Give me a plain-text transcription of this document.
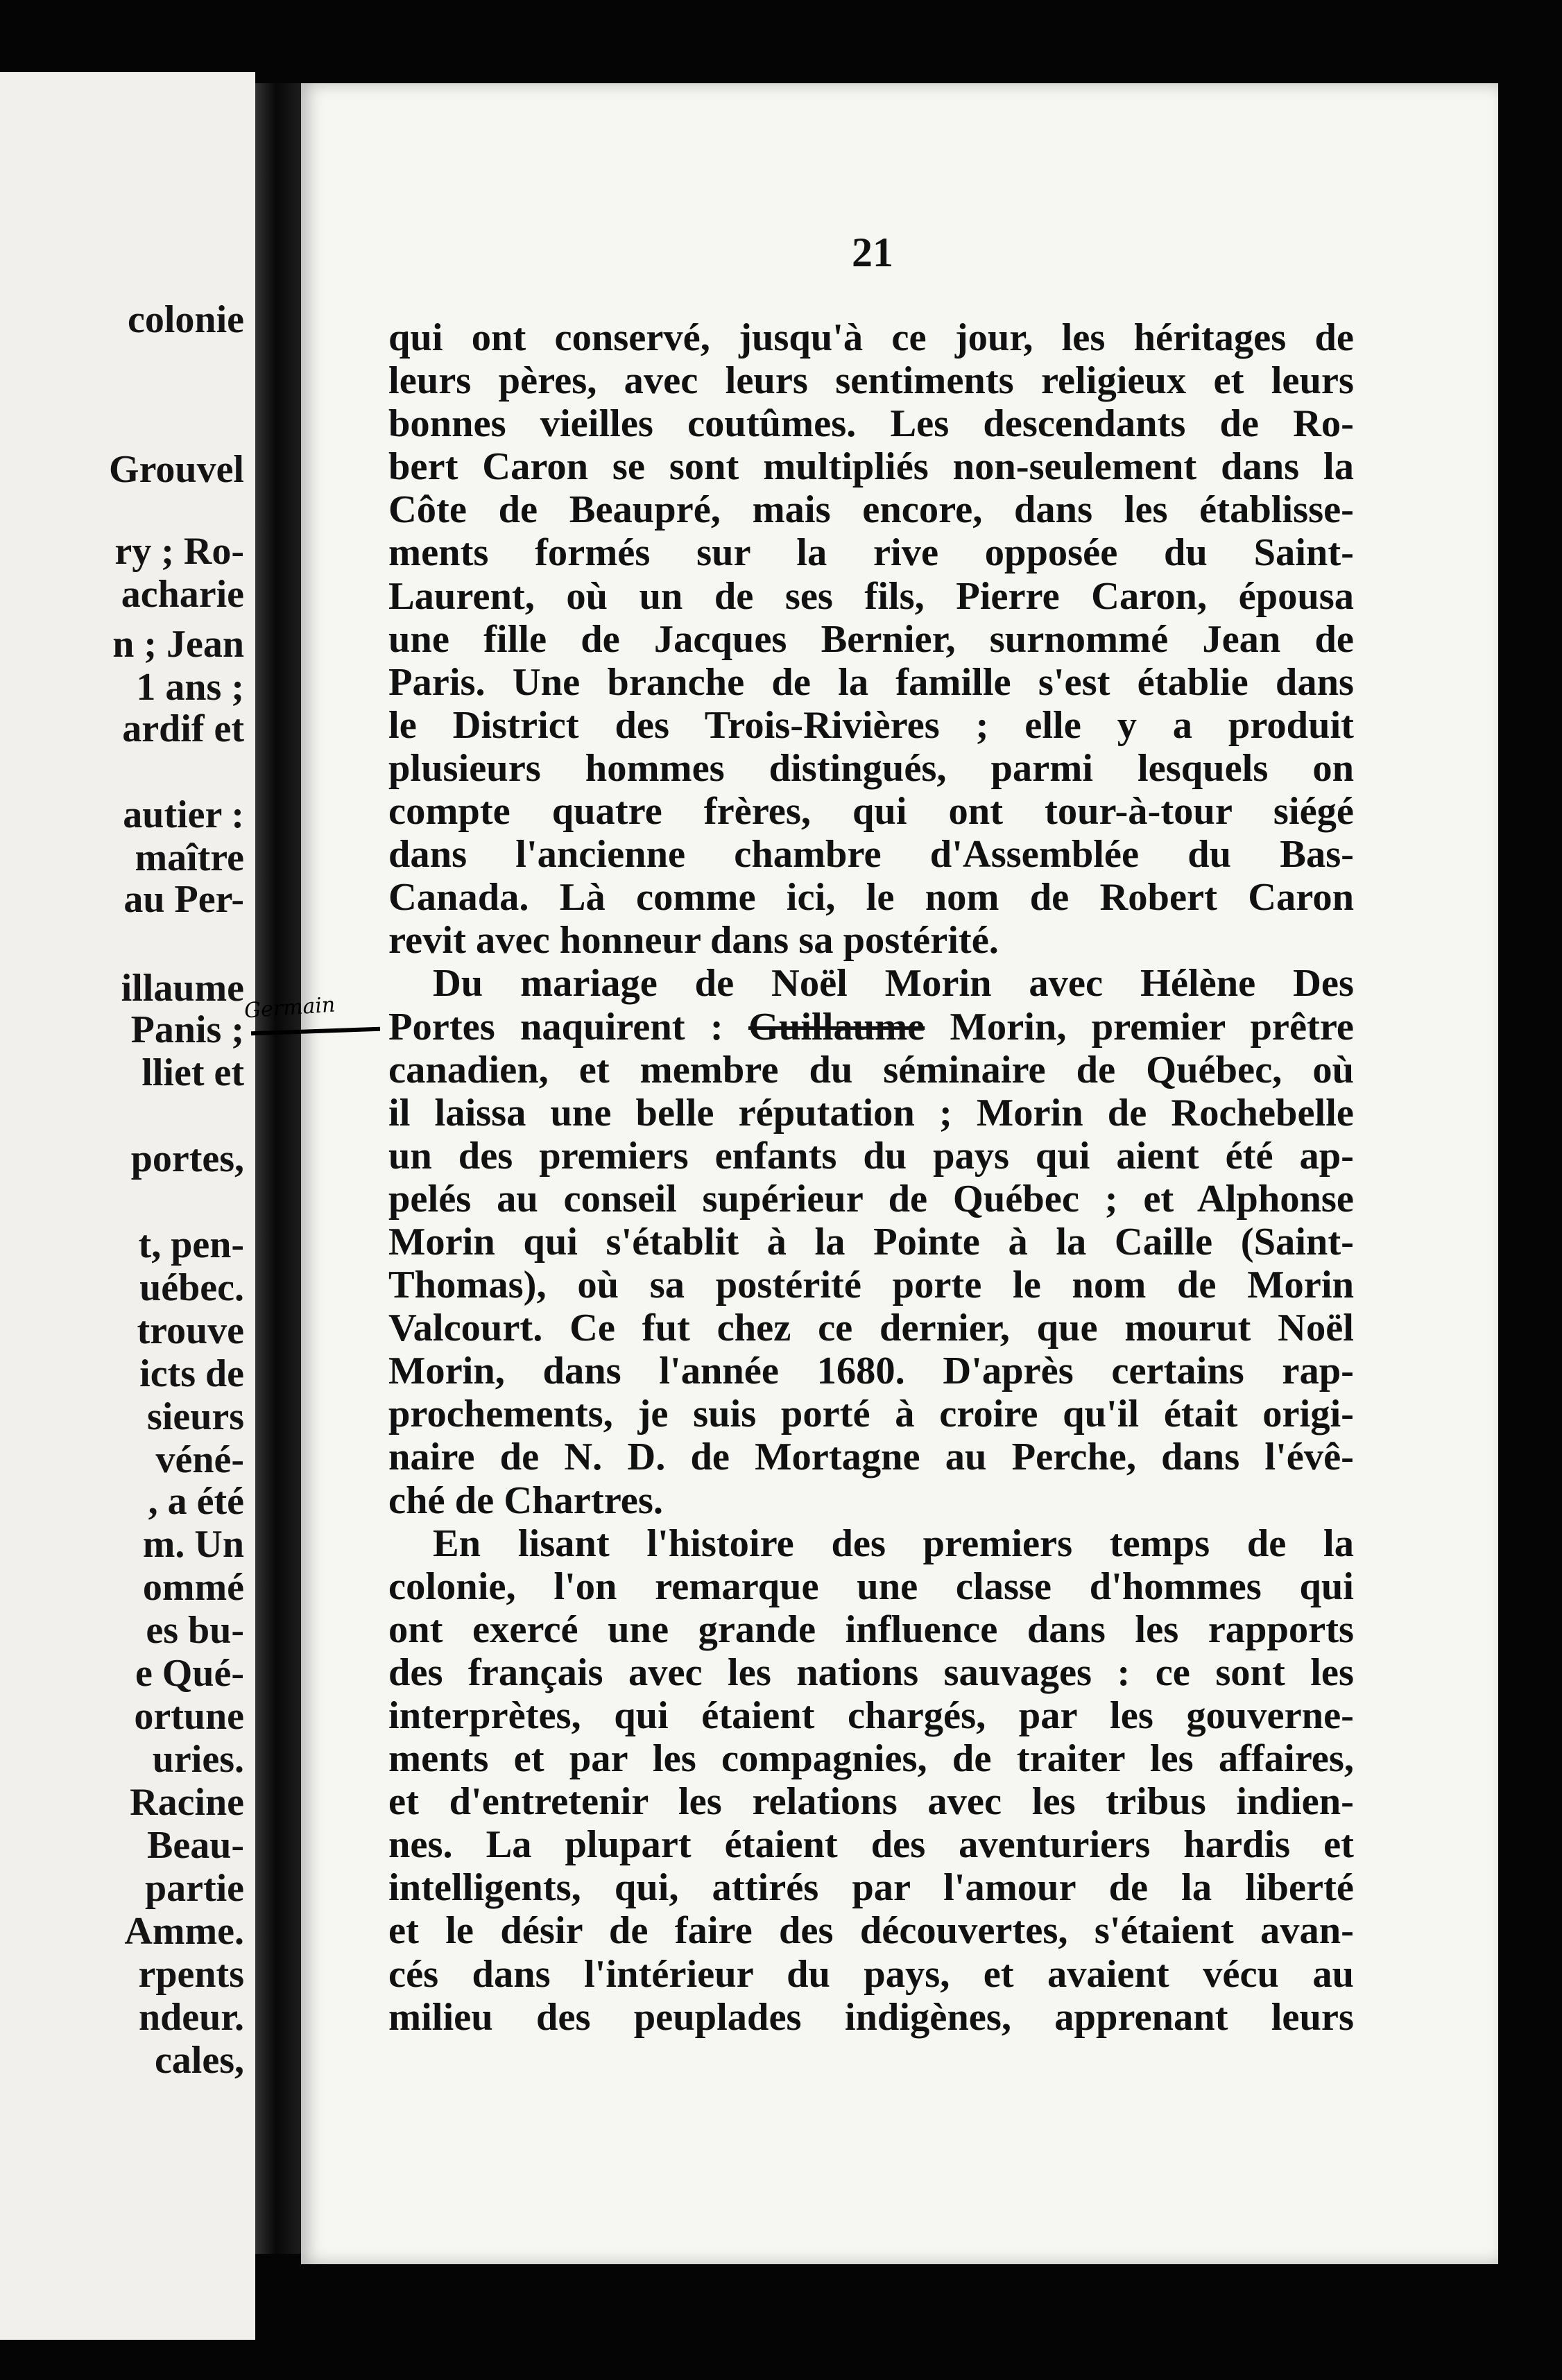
colonie
Grouvel
ry ; Ro-
acharie
n ; Jean
1 ans ;
ardif et
autier :
maître
au Per-
illaume
Panis ;
lliet et
portes,
t, pen-
uébec.
trouve
icts de
sieurs
véné-
, a été
m. Un
ommé
es bu-
e Qué-
ortune
uries.
Racine
Beau-
partie
Amme.
rpents
ndeur.
cales,
21
Germain
qui ont conservé, jusqu'à ce jour, les héritages de
leurs pères, avec leurs sentiments religieux et leurs
bonnes vieilles coutûmes. Les descendants de Ro-
bert Caron se sont multipliés non-seulement dans la
Côte de Beaupré, mais encore, dans les établisse-
ments formés sur la rive opposée du Saint-
Laurent, où un de ses fils, Pierre Caron, épousa
une fille de Jacques Bernier, surnommé Jean de
Paris. Une branche de la famille s'est établie dans
le District des Trois-Rivières ; elle y a produit
plusieurs hommes distingués, parmi lesquels on
compte quatre frères, qui ont tour-à-tour siégé
dans l'ancienne chambre d'Assemblée du Bas-
Canada. Là comme ici, le nom de Robert Caron
revit avec honneur dans sa postérité.
Du mariage de Noël Morin avec Hélène Des
Portes naquirent : Guillaume Morin, premier prêtre
canadien, et membre du séminaire de Québec, où
il laissa une belle réputation ; Morin de Rochebelle
un des premiers enfants du pays qui aient été ap-
pelés au conseil supérieur de Québec ; et Alphonse
Morin qui s'établit à la Pointe à la Caille (Saint-
Thomas), où sa postérité porte le nom de Morin
Valcourt. Ce fut chez ce dernier, que mourut Noël
Morin, dans l'année 1680. D'après certains rap-
prochements, je suis porté à croire qu'il était origi-
naire de N. D. de Mortagne au Perche, dans l'évê-
ché de Chartres.
En lisant l'histoire des premiers temps de la
colonie, l'on remarque une classe d'hommes qui
ont exercé une grande influence dans les rapports
des français avec les nations sauvages : ce sont les
interprètes, qui étaient chargés, par les gouverne-
ments et par les compagnies, de traiter les affaires,
et d'entretenir les relations avec les tribus indien-
nes. La plupart étaient des aventuriers hardis et
intelligents, qui, attirés par l'amour de la liberté
et le désir de faire des découvertes, s'étaient avan-
cés dans l'intérieur du pays, et avaient vécu au
milieu des peuplades indigènes, apprenant leurs
